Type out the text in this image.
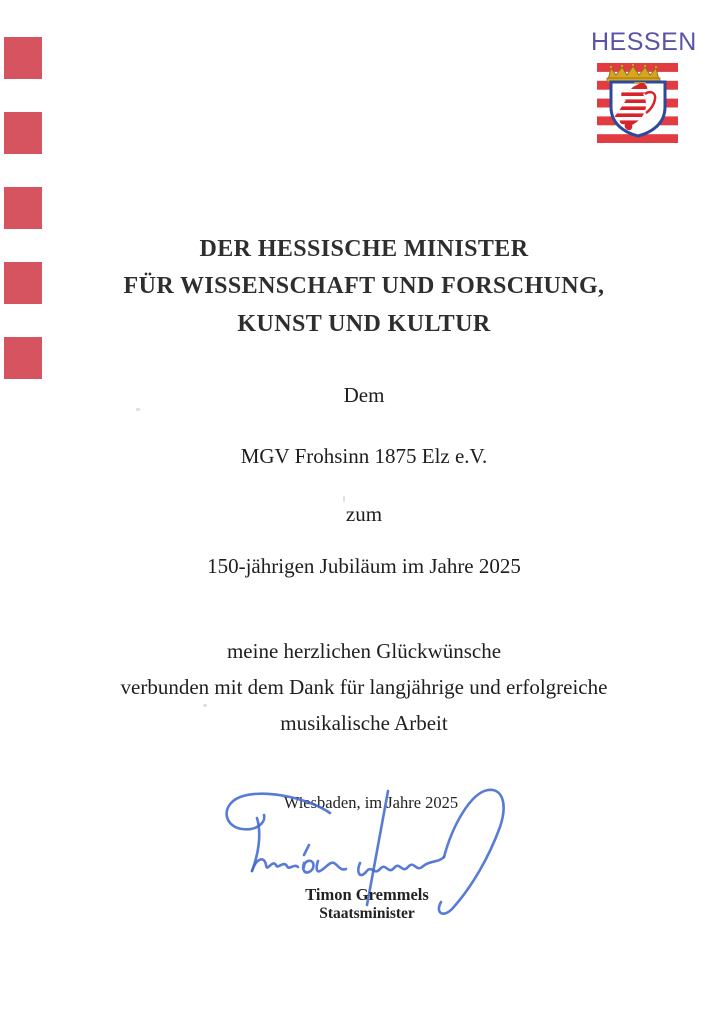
HESSEN
DER HESSISCHE MINISTER
FÜR WISSENSCHAFT UND FORSCHUNG,
KUNST UND KULTUR
Dem
MGV Frohsinn 1875 Elz e.V.
zum
150-jährigen Jubiläum im Jahre 2025
meine herzlichen Glückwünsche
verbunden mit dem Dank für langjährige und erfolgreiche
musikalische Arbeit
Wiesbaden, im Jahre 2025
Timon Gremmels
Staatsminister
